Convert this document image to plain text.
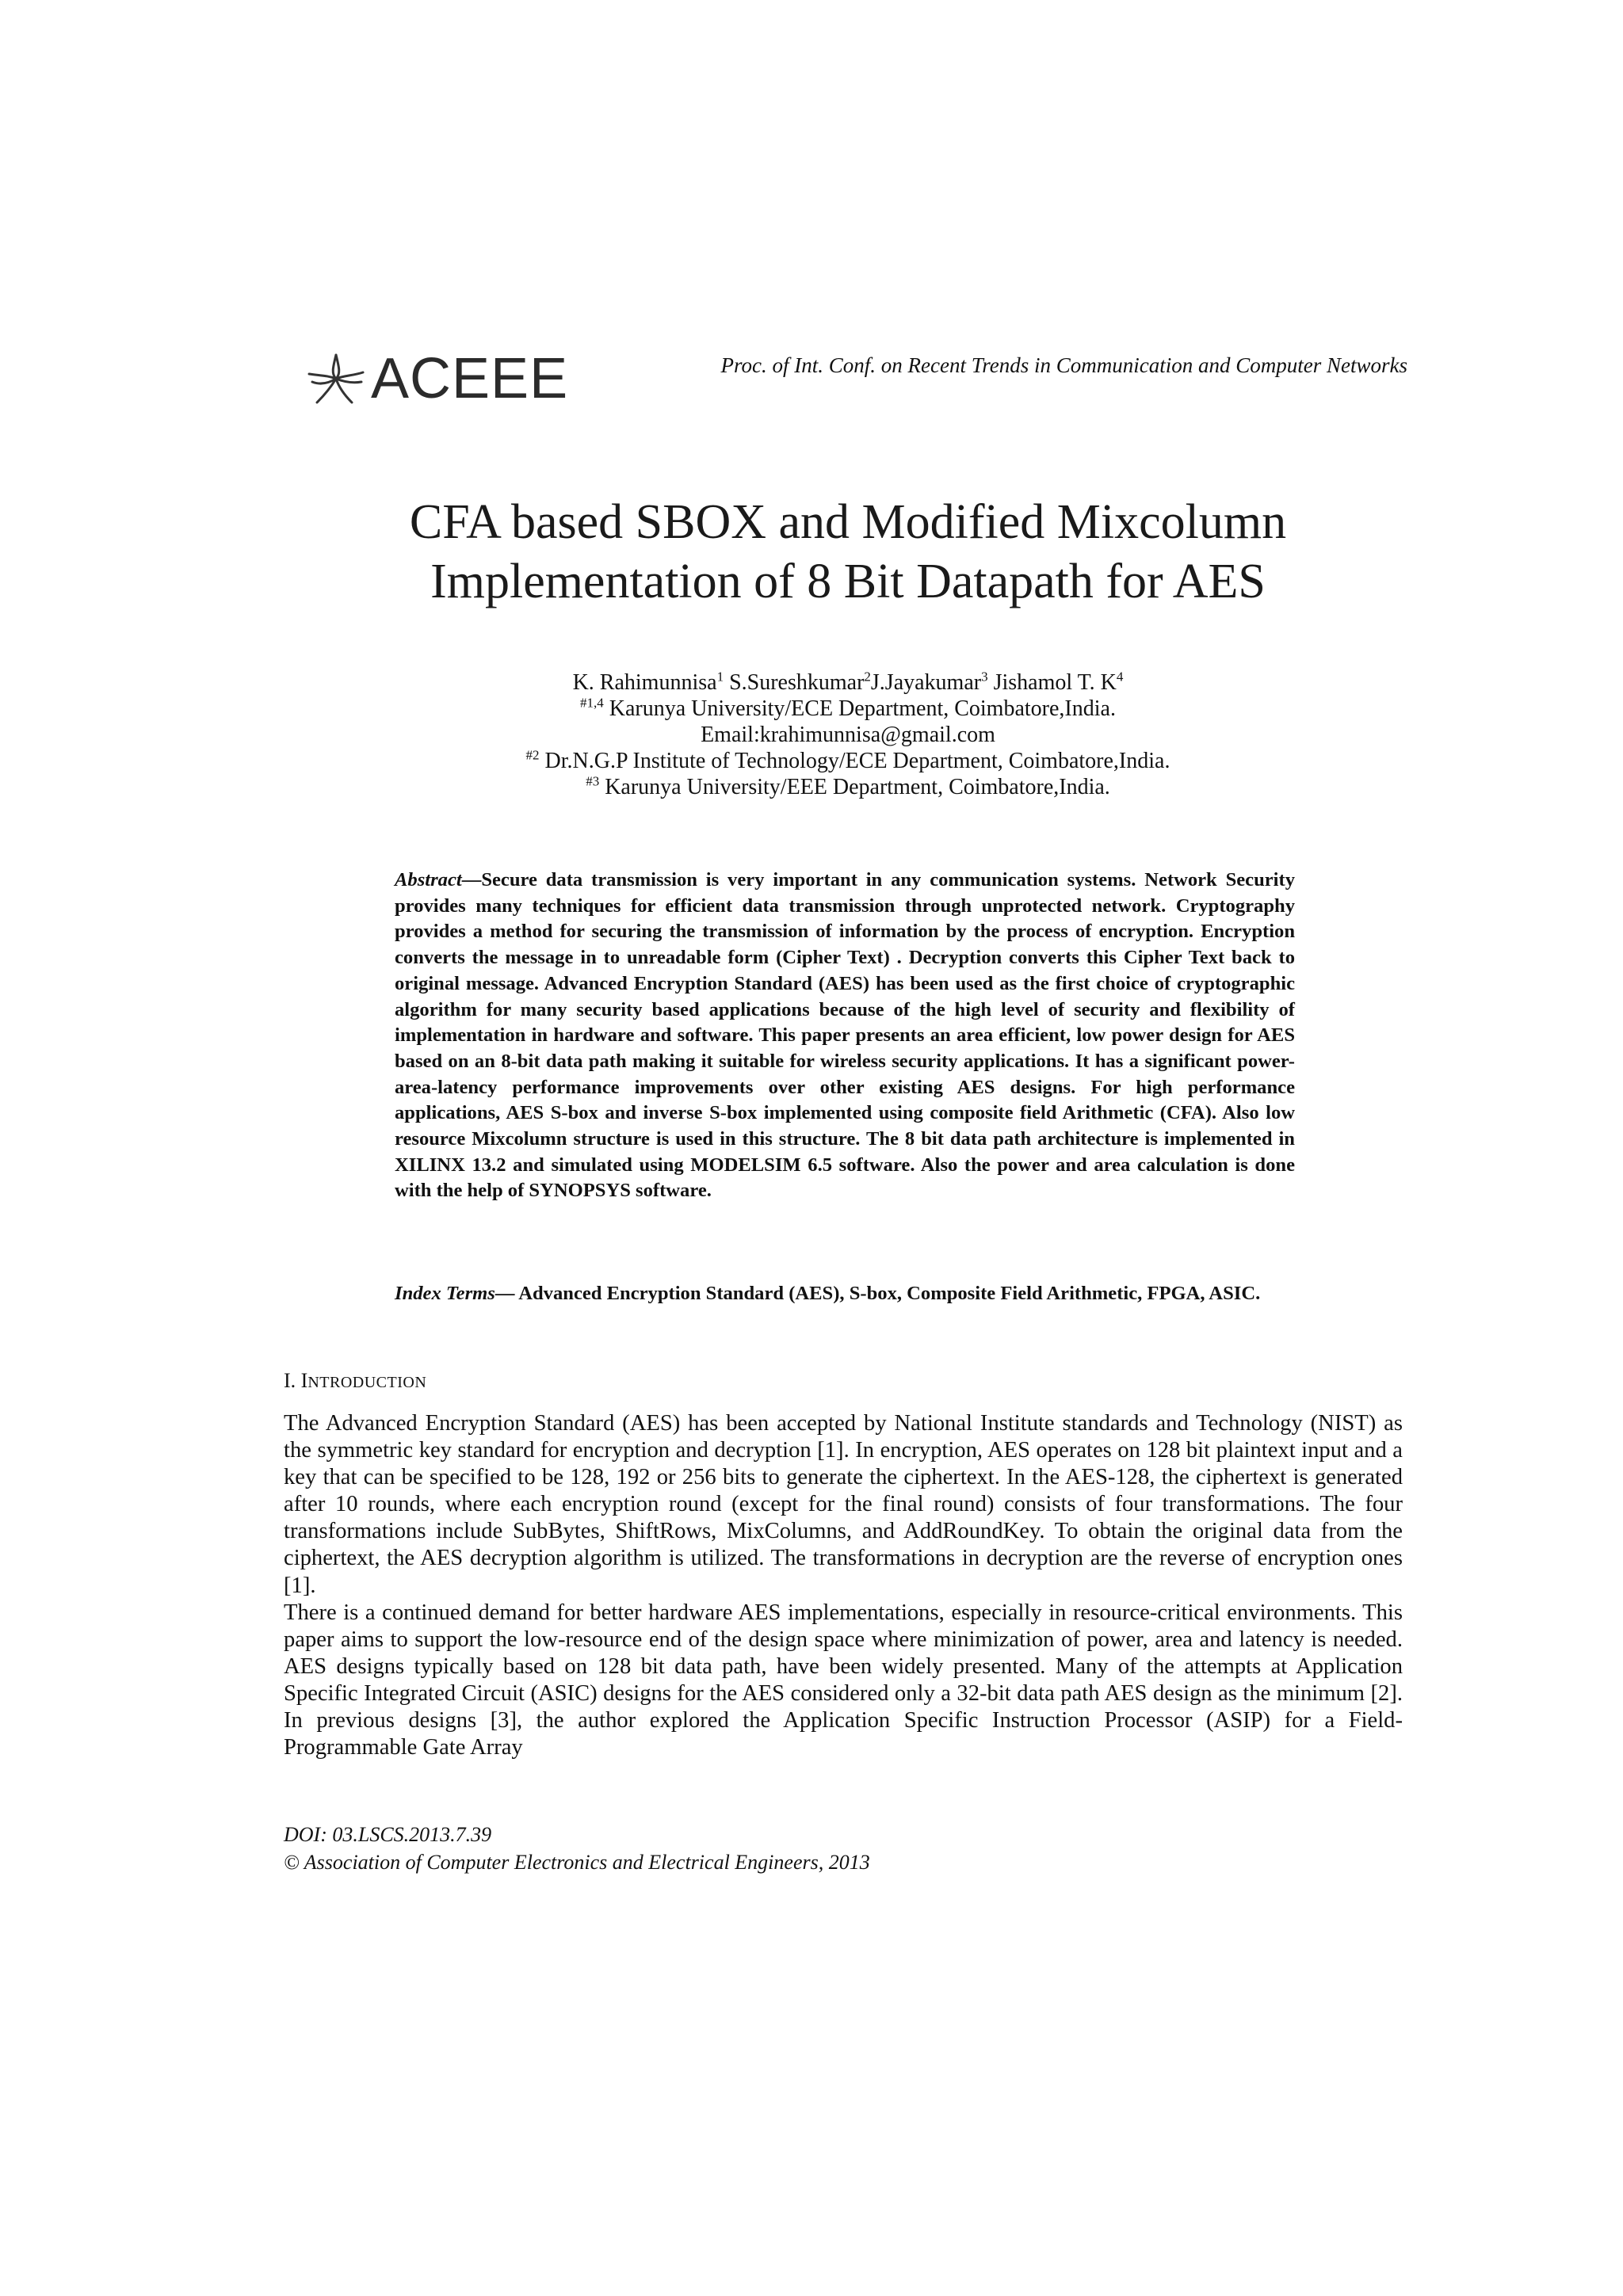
ACEEE	Proc. of Int. Conf. on Recent Trends in Communication and Computer Networks
CFA based SBOX and Modified Mixcolumn
Implementation of 8 Bit Datapath for AES
K. Rahimunnisa$^1$ S.Sureshkumar$^2$J.Jayakumar$^3$ Jishamol T. $K^4$
$^{\#1,4}$ Karunya University/ECE Department, Coimbatore,India.
Email:krahimunnisa@gmail.com
$^{\#2}$ Dr.N.G.P Institute of Technology/ECE Department, Coimbatore,India.
$^{\#3}$ Karunya University/EEE Department, Coimbatore,India.
Abstract—Secure data transmission is very important in any communication systems. Network Security provides many techniques for efficient data transmission through unprotected network. Cryptography provides a method for securing the transmission of information by the process of encryption. Encryption converts the message in to unreadable form (Cipher Text) . Decryption converts this Cipher Text back to original message. Advanced Encryption Standard (AES) has been used as the first choice of cryptographic algorithm for many security based applications because of the high level of security and flexibility of implementation in hardware and software. This paper presents an area efficient, low power design for AES based on an 8-bit data path making it suitable for wireless security applications. It has a significant power-area-latency performance improvements over other existing AES designs. For high performance applications, AES S-box and inverse S-box implemented using composite field Arithmetic (CFA). Also low resource Mixcolumn structure is used in this structure. The 8 bit data path architecture is implemented in XILINX 13.2 and simulated using MODELSIM 6.5 software. Also the power and area calculation is done with the help of SYNOPSYS software.
Index Terms— Advanced Encryption Standard (AES), S-box, Composite Field Arithmetic, FPGA, ASIC.
I. INTRODUCTION

The Advanced Encryption Standard (AES) has been accepted by National Institute standards and Technology (NIST) as the symmetric key standard for encryption and decryption [1]. In encryption, AES operates on 128 bit plaintext input and a key that can be specified to be 128, 192 or 256 bits to generate the ciphertext. In the AES-128, the ciphertext is generated after 10 rounds, where each encryption round (except for the final round) consists of four transformations. The four transformations include SubBytes, ShiftRows, MixColumns, and AddRoundKey. To obtain the original data from the ciphertext, the AES decryption algorithm is utilized. The transformations in decryption are the reverse of encryption ones [1].

There is a continued demand for better hardware AES implementations, especially in resource-critical environments. This paper aims to support the low-resource end of the design space where minimization of power, area and latency is needed. AES designs typically based on 128 bit data path, have been widely presented. Many of the attempts at Application Specific Integrated Circuit (ASIC) designs for the AES considered only a 32-bit data path AES design as the minimum [2]. In previous designs [3], the author explored the Application Specific Instruction Processor (ASIP) for a Field-Programmable Gate Array

DOI: 03.LSCS.2013.7.39
© Association of Computer Electronics and Electrical Engineers, 2013
